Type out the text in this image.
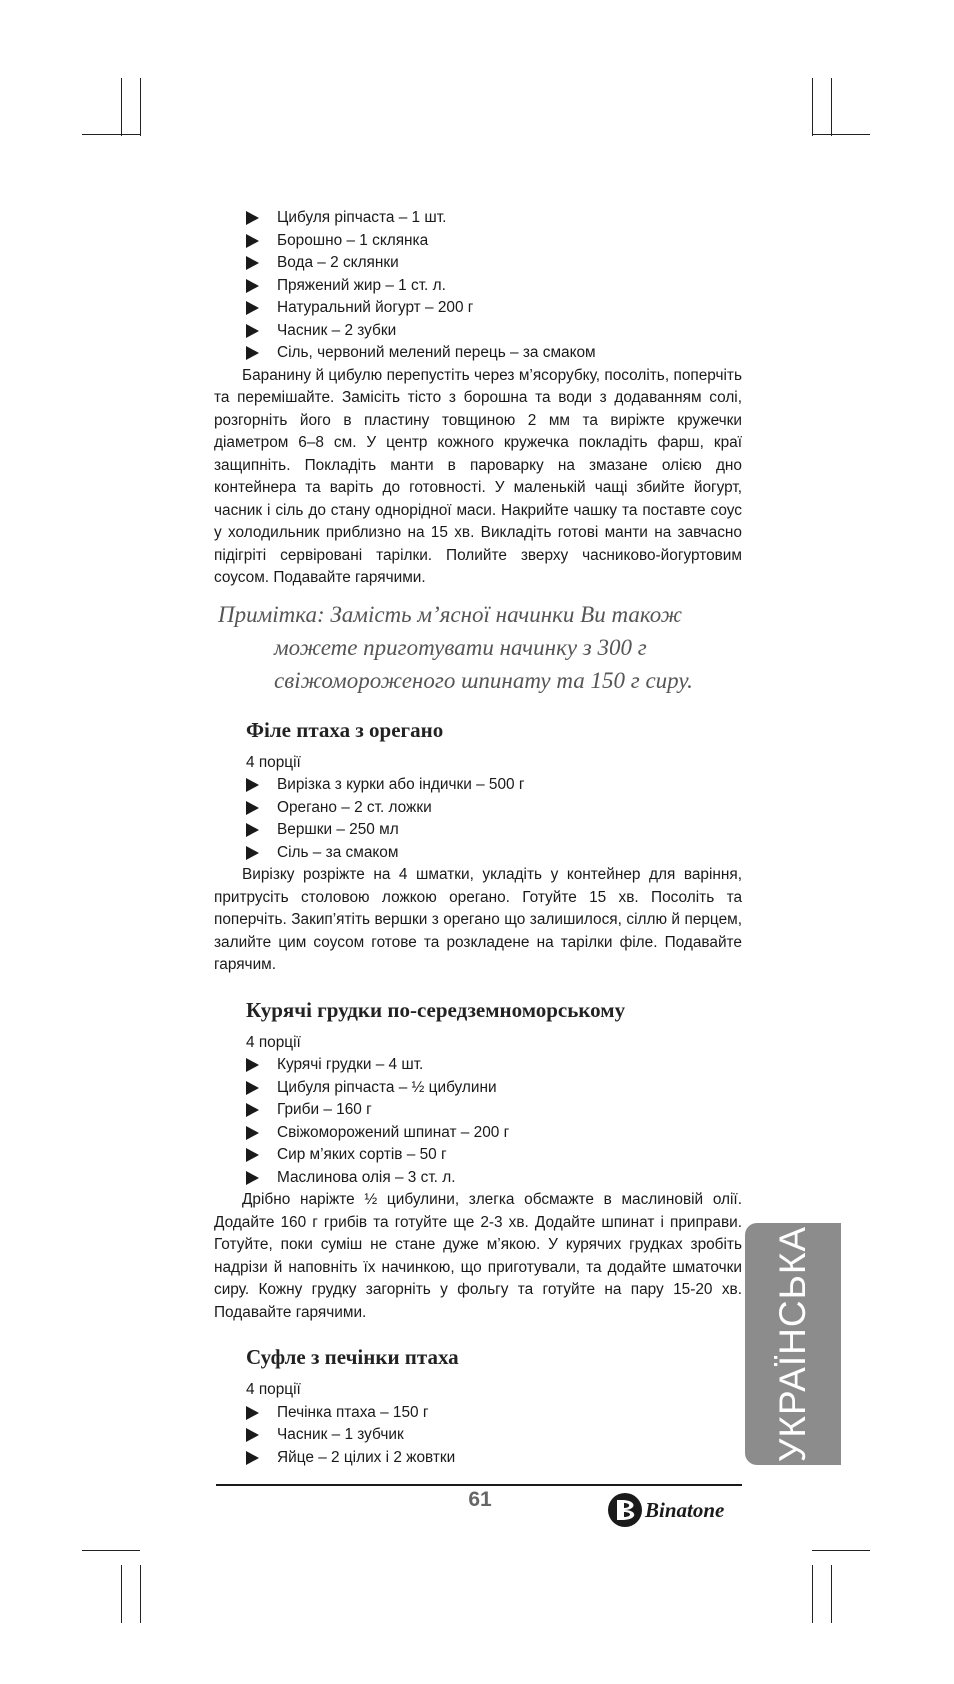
Цибуля ріпчаста – 1 шт.
Борошно – 1 склянка
Вода – 2 склянки
Пряжений жир – 1 ст. л.
Натуральний йогурт – 200 г
Часник – 2 зубки
Сіль, червоний мелений перець – за смаком

Баранину й цибулю перепустіть через м’ясорубку, посоліть, поперчіть та перемішайте. Замісіть тісто з борошна та води з додаванням солі, розгорніть його в пластину товщиною 2 мм та виріжте кружечки діаметром 6–8 см. У центр кожного кружечка покладіть фарш, краї защипніть. Покладіть манти в пароварку на змазане олією дно контейнера та варіть до готовності. У маленькій чащі збийте йогурт, часник і сіль до стану однорідної маси. Накрийте чашку та поставте соус у холодильник приблизно на 15 хв. Викладіть готові манти на завчасно підігріті сервіровані тарілки. Полийте зверху часниково-йогуртовим соусом. Подавайте гарячими.

Примітка: Замість м’ясної начинки Ви також
можете приготувати начинку з 300 г
свіжомороженого шпинату та 150 г сиру.
Філе птаха з орегано
4 порції
Вирізка з курки або індички – 500 г
Орегано – 2 ст. ложки
Вершки – 250 мл
Сіль – за смаком

Вирізку розріжте на 4 шматки, укладіть у контейнер для варіння, притрусіть столовою ложкою орегано. Готуйте 15 хв. Посоліть та поперчіть. Закип’ятіть вершки з орегано що залишилося, сіллю й перцем, залийте цим соусом готове та розкладене на тарілки філе. Подавайте гарячим.

Курячі грудки по-середземноморському
4 порції
Курячі грудки – 4 шт.
Цибуля ріпчаста – ½ цибулини
Гриби – 160 г
Свіжоморожений шпинат – 200 г
Сир м’яких сортів – 50 г
Маслинова олія – 3 ст. л.

Дрібно наріжте ½ цибулини, злегка обсмажте в маслиновій олії. Додайте 160 г грибів та готуйте ще 2-3 хв. Додайте шпинат і приправи. Готуйте, поки суміш не стане дуже м’якою. У курячих грудках зробіть надрізи й наповніть їх начинкою, що приготували, та додайте шматочки сиру. Кожну грудку загорніть у фольгу та готуйте на пару 15-20 хв. Подавайте гарячими.

Суфле з печінки птаха
4 порції
Печінка птаха – 150 г
Часник – 1 зубчик
Яйце – 2 цілих і 2 жовтки	УКРАЇНСЬКА
61	Binatone
